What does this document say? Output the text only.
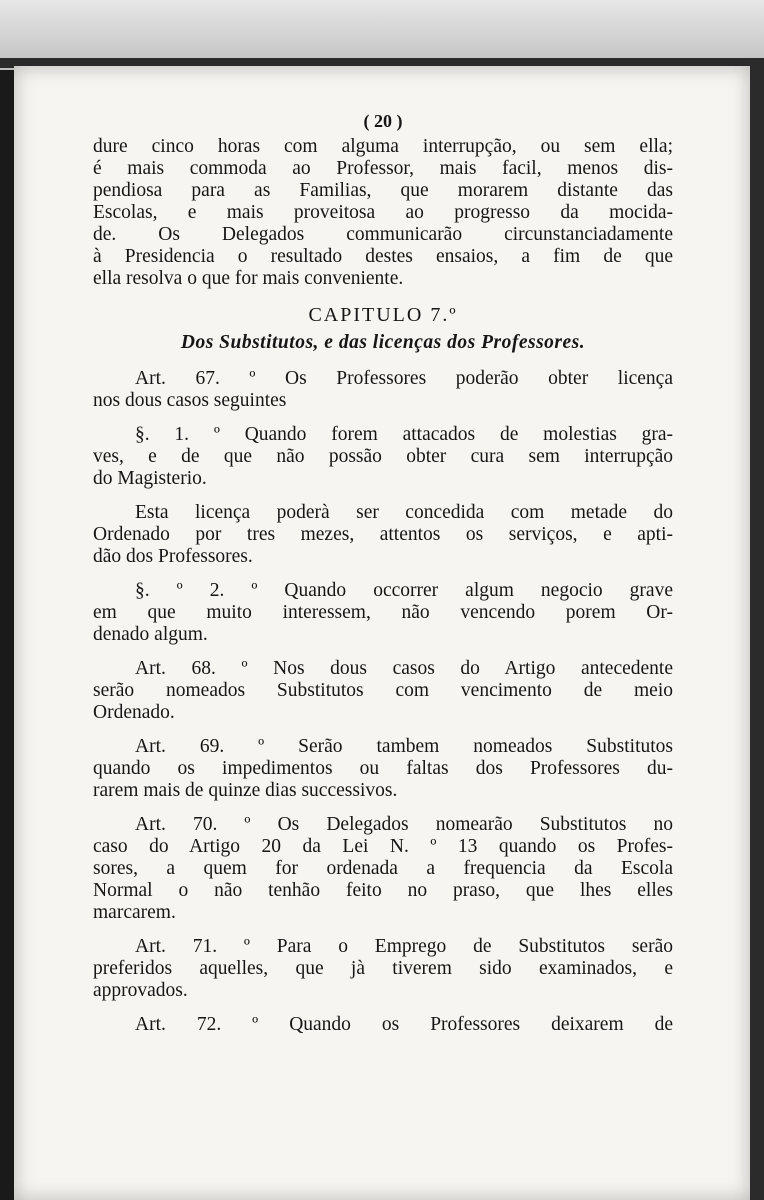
( 20 )
dure cinco horas com alguma interrupção, ou sem ella;
é mais commoda ao Professor, mais facil, menos dis-
pendiosa para as Familias, que morarem distante das
Escolas, e mais proveitosa ao progresso da mocida-
de. Os Delegados communicarão circunstanciadamente
à Presidencia o resultado destes ensaios, a fim de que
ella resolva o que for mais conveniente.
CAPITULO 7.º
Dos Substitutos, e das licenças dos Professores.
Art. 67. º Os Professores poderão obter licença
nos dous casos seguintes
§. 1. º Quando forem attacados de molestias gra-
ves, e de que não possão obter cura sem interrupção
do Magisterio.
Esta licença poderà ser concedida com metade do
Ordenado por tres mezes, attentos os serviços, e apti-
dão dos Professores.
§. º 2. º Quando occorrer algum negocio grave
em que muito interessem, não vencendo porem Or-
denado algum.
Art. 68. º Nos dous casos do Artigo antecedente
serão nomeados Substitutos com vencimento de meio
Ordenado.
Art. 69. º Serão tambem nomeados Substitutos
quando os impedimentos ou faltas dos Professores du-
rarem mais de quinze dias successivos.
Art. 70. º Os Delegados nomearão Substitutos no
caso do Artigo 20 da Lei N. º 13 quando os Profes-
sores, a quem for ordenada a frequencia da Escola
Normal o não tenhão feito no praso, que lhes elles
marcarem.
Art. 71. º Para o Emprego de Substitutos serão
preferidos aquelles, que jà tiverem sido examinados, e
approvados.
Art. 72. º Quando os Professores deixarem de
